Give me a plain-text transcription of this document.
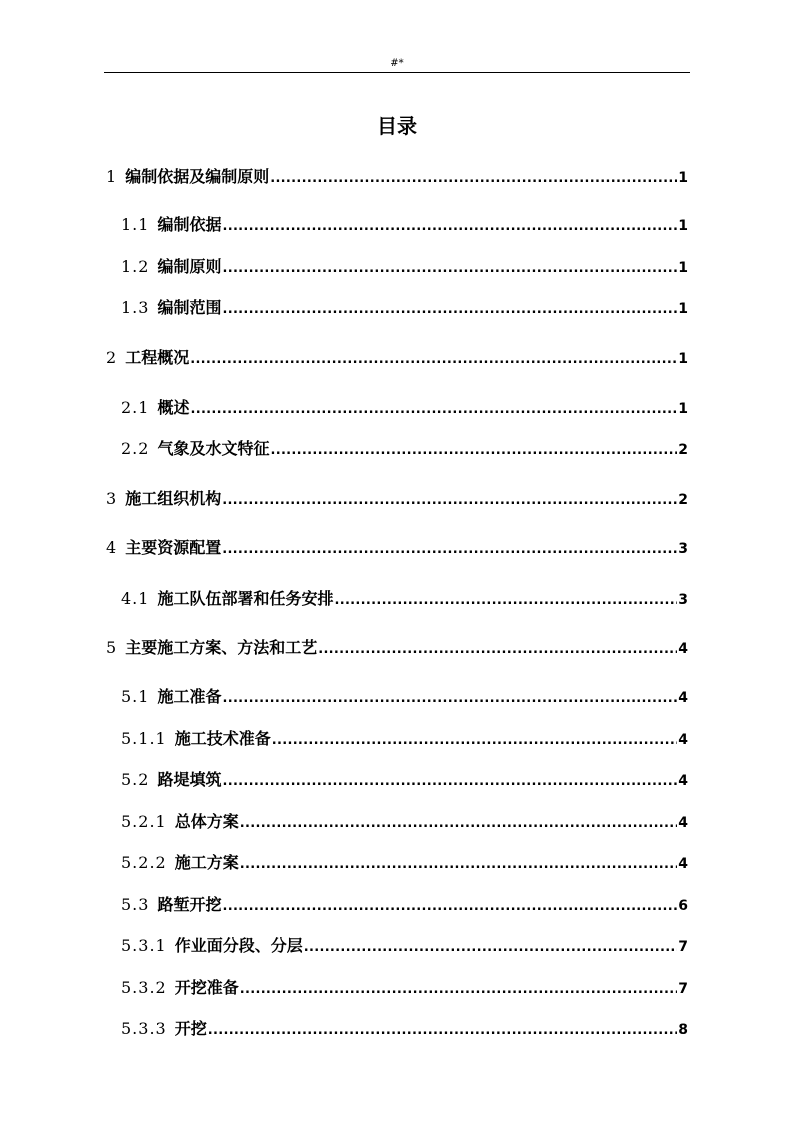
#*
目录
1 编制依据及编制原则 .....	1
1.1 编制依据 .....	1
1.2 编制原则 .....	1
1.3 编制范围 .....	1
2 工程概况 .....	1
2.1 概述 .....	1
2.2 气象及水文特征 .....	2
3 施工组织机构 .....	2
4 主要资源配置 .....	3
4.1 施工队伍部署和任务安排 .....	3
5 主要施工方案、方法和工艺 .....	4
5.1 施工准备 .....	4
5.1.1 施工技术准备 .....	4
5.2 路堤填筑 .....	4
5.2.1 总体方案 .....	4
5.2.2 施工方案 .....	4
5.3 路堑开挖 .....	6
5.3.1 作业面分段、分层 .....	7
5.3.2 开挖准备 .....	7
5.3.3 开挖 .....	8
